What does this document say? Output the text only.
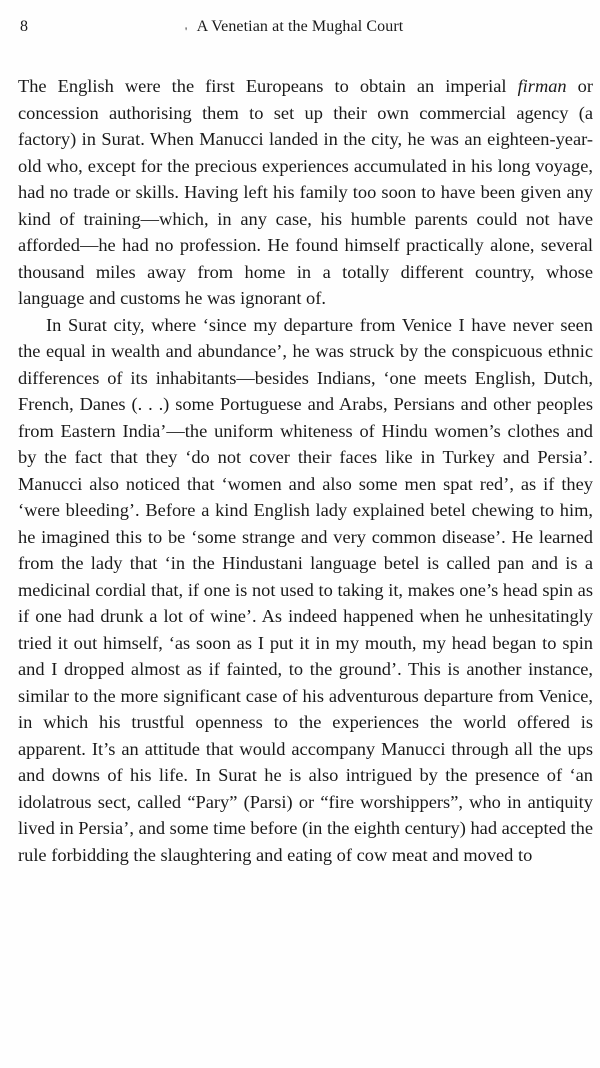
8	A Venetian at the Mughal Court
'

The English were the first Europeans to obtain an imperial firman or concession authorising them to set up their own commercial agency (a factory) in Surat. When Manucci landed in the city, he was an eighteen-year-old who, except for the precious experiences accumulated in his long voyage, had no trade or skills. Having left his family too soon to have been given any kind of training—which, in any case, his humble parents could not have afforded—he had no profession. He found himself practically alone, several thousand miles away from home in a totally different country, whose language and customs he was ignorant of.

In Surat city, where ‘since my departure from Venice I have never seen the equal in wealth and abundance’, he was struck by the conspicuous ethnic differences of its inhabitants—besides Indians, ‘one meets English, Dutch, French, Danes (. . .) some Portuguese and Arabs, Persians and other peoples from Eastern India’—the uniform whiteness of Hindu women’s clothes and by the fact that they ‘do not cover their faces like in Turkey and Persia’. Manucci also noticed that ‘women and also some men spat red’, as if they ‘were bleeding’. Before a kind English lady explained betel chewing to him, he imagined this to be ‘some strange and very common disease’. He learned from the lady that ‘in the Hindustani language betel is called pan and is a medicinal cordial that, if one is not used to taking it, makes one’s head spin as if one had drunk a lot of wine’. As indeed happened when he unhesitatingly tried it out himself, ‘as soon as I put it in my mouth, my head began to spin and I dropped almost as if fainted, to the ground’. This is another instance, similar to the more significant case of his adventurous departure from Venice, in which his trustful openness to the experiences the world offered is apparent. It’s an attitude that would accompany Manucci through all the ups and downs of his life. In Surat he is also intrigued by the presence of ‘an idolatrous sect, called “Pary” (Parsi) or “fire worshippers”, who in antiquity lived in Persia’, and some time before (in the eighth century) had accepted the rule forbidding the slaughtering and eating of cow meat and moved to
